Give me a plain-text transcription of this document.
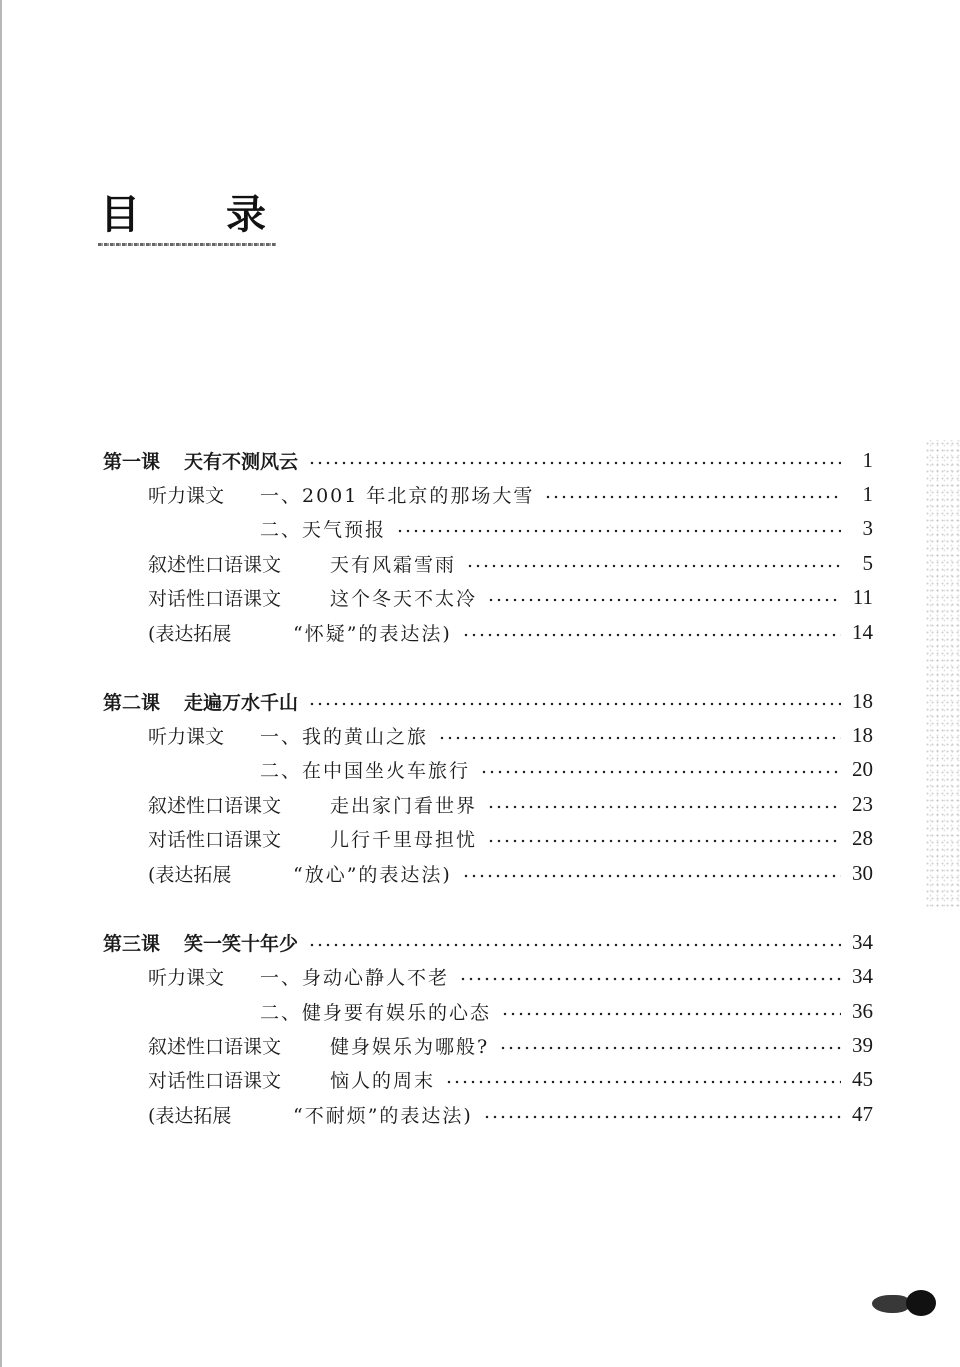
目 录
第一课 天有不测风云	1
听力课文 一、2001 年北京的那场大雪	1
二、天气预报	3
叙述性口语课文	天有风霜雪雨	5
对话性口语课文	这个冬天不太冷	11
(表达拓展	“怀疑”的表达法)	14
第二课 走遍万水千山	18
听力课文 一、我的黄山之旅	18
二、在中国坐火车旅行	20
叙述性口语课文	走出家门看世界	23
对话性口语课文	儿行千里母担忧	28
(表达拓展	“放心”的表达法)	30
第三课 笑一笑十年少	34
听力课文 一、身动心静人不老	34
二、健身要有娱乐的心态	36
叙述性口语课文	健身娱乐为哪般?	39
对话性口语课文	恼人的周末	45
(表达拓展	“不耐烦”的表达法)	47
